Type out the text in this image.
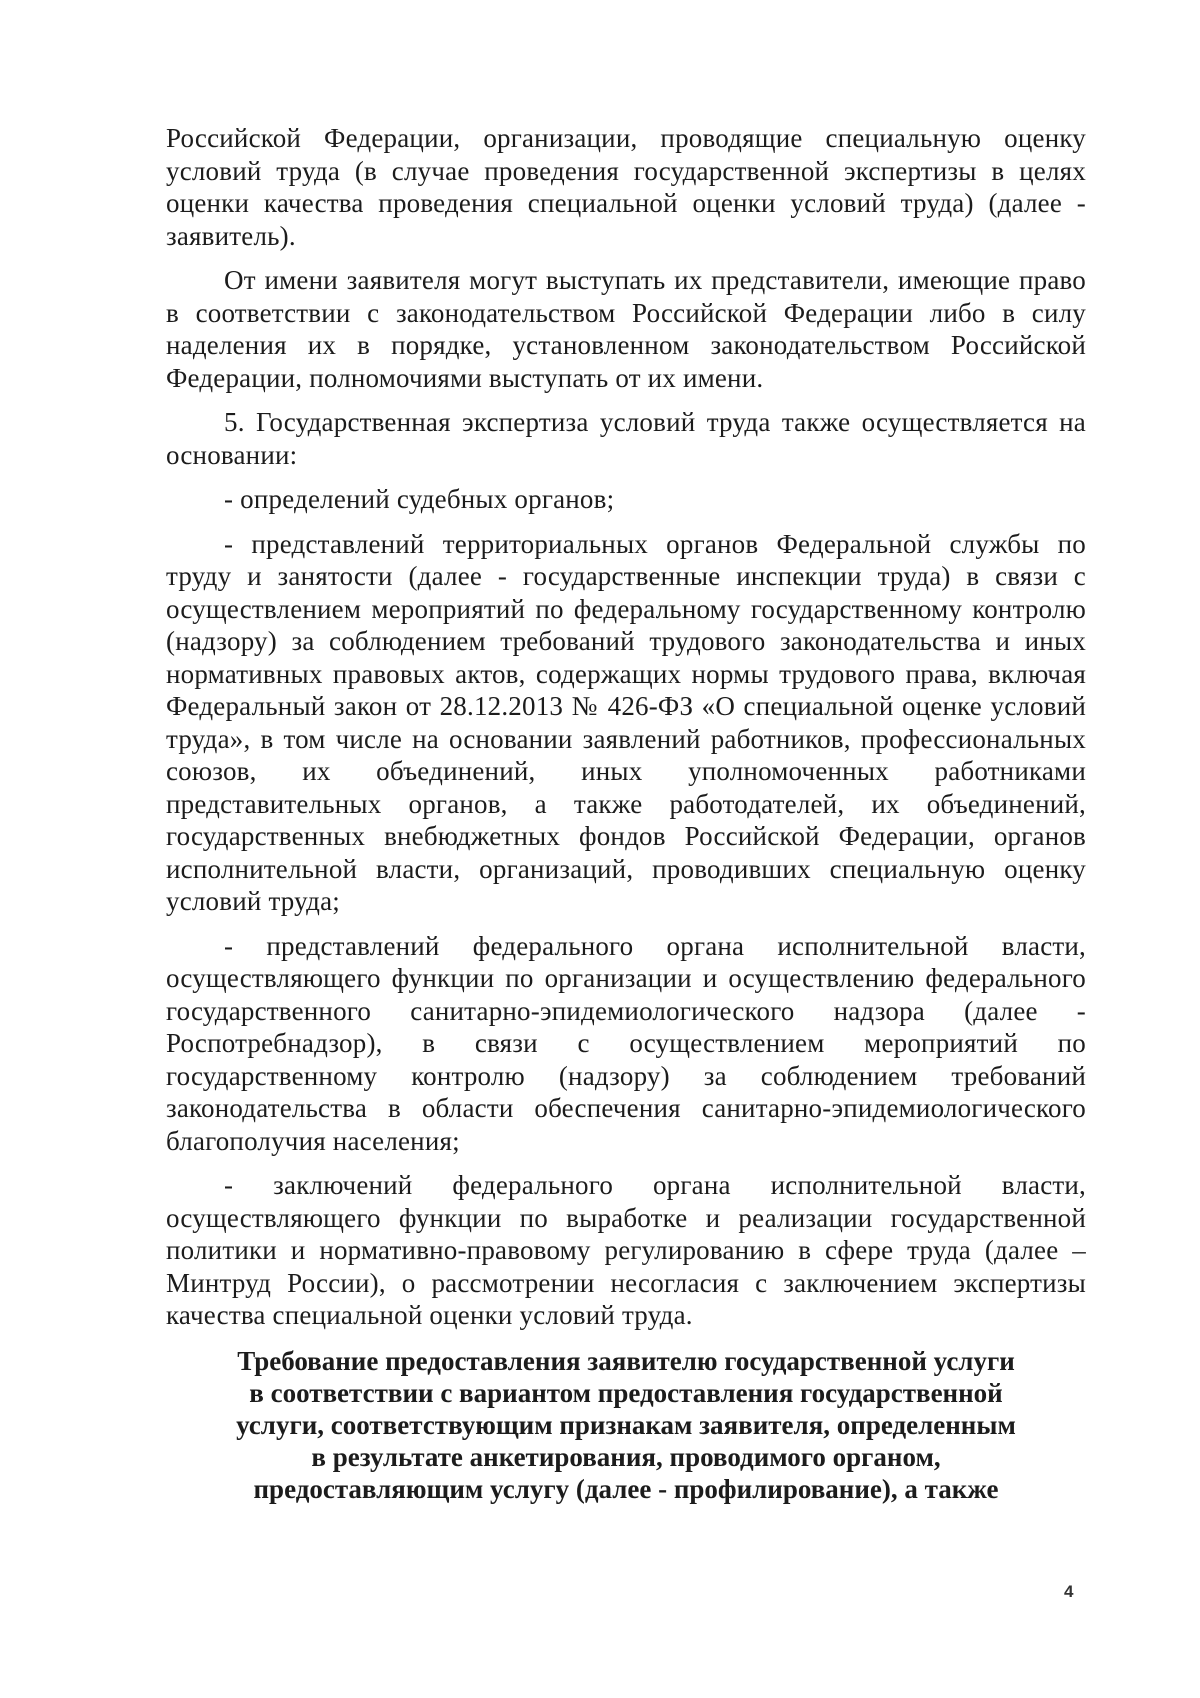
Российской Федерации, организации, проводящие специальную оценку условий труда (в случае проведения государственной экспертизы в целях оценки качества проведения специальной оценки условий труда) (далее - заявитель).

От имени заявителя могут выступать их представители, имеющие право в соответствии с законодательством Российской Федерации либо в силу наделения их в порядке, установленном законодательством Российской Федерации, полномочиями выступать от их имени.

5. Государственная экспертиза условий труда также осуществляется на основании:

- определений судебных органов;

- представлений территориальных органов Федеральной службы по труду и занятости (далее - государственные инспекции труда) в связи с осуществлением мероприятий по федеральному государственному контролю (надзору) за соблюдением требований трудового законодательства и иных нормативных правовых актов, содержащих нормы трудового права, включая Федеральный закон от 28.12.2013 № 426-ФЗ «О специальной оценке условий труда», в том числе на основании заявлений работников, профессиональных союзов, их объединений, иных уполномоченных работниками представительных органов, а также работодателей, их объединений, государственных внебюджетных фондов Российской Федерации, органов исполнительной власти, организаций, проводивших специальную оценку условий труда;

- представлений федерального органа исполнительной власти, осуществляющего функции по организации и осуществлению федерального государственного санитарно-эпидемиологического надзора (далее - Роспотребнадзор), в связи с осуществлением мероприятий по государственному контролю (надзору) за соблюдением требований законодательства в области обеспечения санитарно-эпидемиологического благополучия населения;

- заключений федерального органа исполнительной власти, осуществляющего функции по выработке и реализации государственной политики и нормативно-правовому регулированию в сфере труда (далее – Минтруд России), о рассмотрении несогласия с заключением экспертизы качества специальной оценки условий труда.

Требование предоставления заявителю государственной услуги
в соответствии с вариантом предоставления государственной
услуги, соответствующим признакам заявителя, определенным
в результате анкетирования, проводимого органом,
предоставляющим услугу (далее - профилирование), а также
4
